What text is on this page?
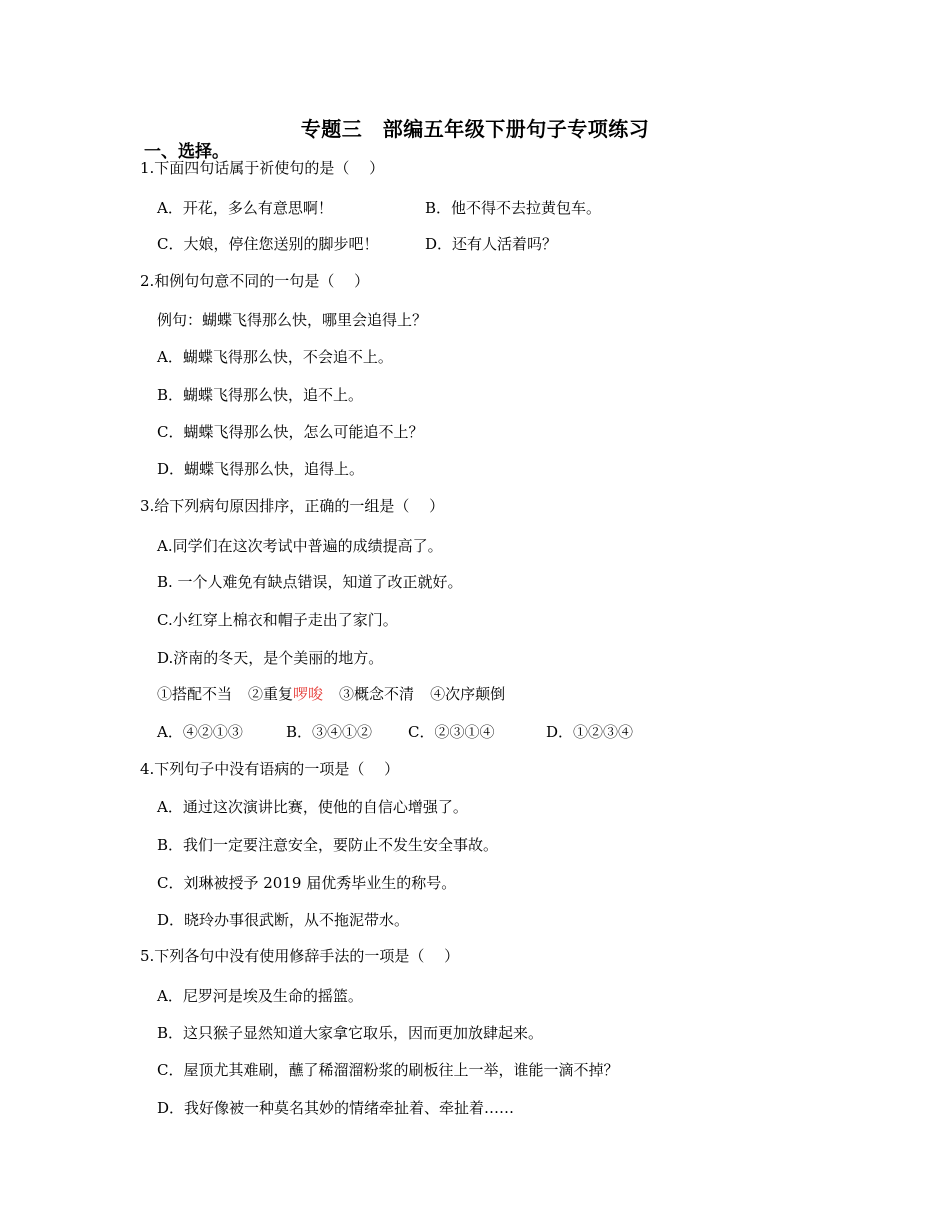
专题三　部编五年级下册句子专项练习
一、选择。
1.下面四句话属于祈使句的是（　 ）
A．开花，多么有意思啊！	B．他不得不去拉黄包车。
C．大娘，停住您送别的脚步吧！	D．还有人活着吗？
2.和例句句意不同的一句是（　 ）
例句：蝴蝶飞得那么快，哪里会追得上？
A．蝴蝶飞得那么快，不会追不上。
B．蝴蝶飞得那么快，追不上。
C．蝴蝶飞得那么快，怎么可能追不上？
D．蝴蝶飞得那么快，追得上。
3.给下列病句原因排序，正确的一组是（　 ）
A.同学们在这次考试中普遍的成绩提高了。
B. 一个人难免有缺点错误，知道了改正就好。
C.小红穿上棉衣和帽子走出了家门。
D.济南的冬天，是个美丽的地方。
①搭配不当 ②重复啰唆 ③概念不清 ④次序颠倒
A．④②①③	B．③④①② C．②③①④	D．①②③④
4.下列句子中没有语病的一项是（　 ）
A．通过这次演讲比赛，使他的自信心增强了。
B．我们一定要注意安全，要防止不发生安全事故。
C．刘琳被授予 2019 届优秀毕业生的称号。
D．晓玲办事很武断，从不拖泥带水。
5.下列各句中没有使用修辞手法的一项是（　 ）
A．尼罗河是埃及生命的摇篮。
B．这只猴子显然知道大家拿它取乐，因而更加放肆起来。
C．屋顶尤其难刷，蘸了稀溜溜粉浆的刷板往上一举，谁能一滴不掉？
D．我好像被一种莫名其妙的情绪牵扯着、牵扯着……
